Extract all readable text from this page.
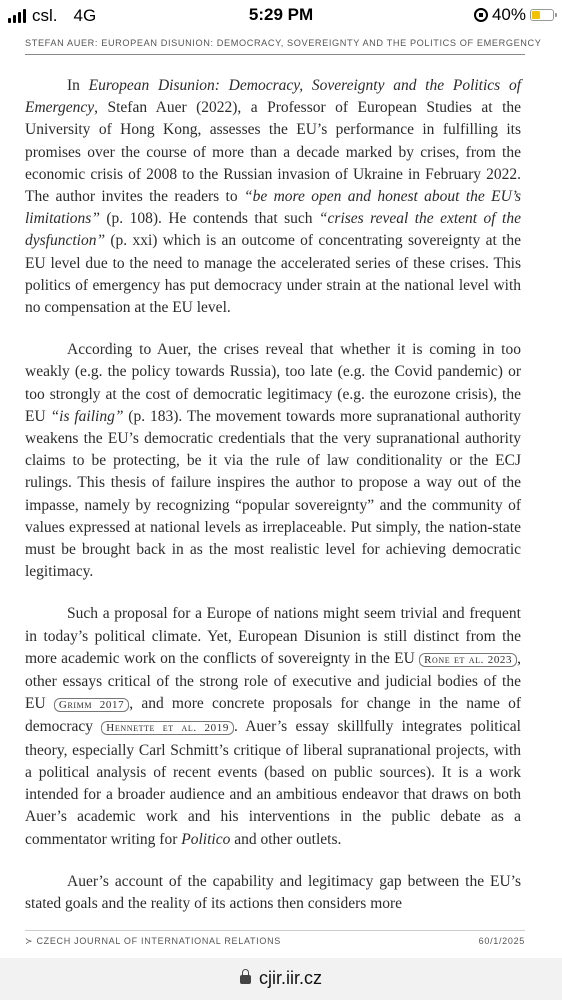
csl. 4G	5:29 PM	40%
STEFAN AUER: EUROPEAN DISUNION: DEMOCRACY, SOVEREIGNTY AND THE POLITICS OF EMERGENCY

In European Disunion: Democracy, Sovereignty and the Politics of Emergency, Stefan Auer (2022), a Professor of European Studies at the University of Hong Kong, assesses the EU’s performance in fulfilling its promises over the course of more than a decade marked by crises, from the economic crisis of 2008 to the Russian invasion of Ukraine in February 2022. The author invites the readers to “be more open and honest about the EU’s limitations” (p. 108). He contends that such “crises reveal the extent of the dysfunction” (p. xxi) which is an outcome of concentrating sovereignty at the EU level due to the need to manage the accelerated series of these crises. This politics of emergency has put democracy under strain at the national level with no compensation at the EU level.

According to Auer, the crises reveal that whether it is coming in too weakly (e.g. the policy towards Russia), too late (e.g. the Covid pandemic) or too strongly at the cost of democratic legitimacy (e.g. the eurozone crisis), the EU “is failing” (p. 183). The movement towards more supranational authority weakens the EU’s democratic credentials that the very supranational authority claims to be protecting, be it via the rule of law conditionality or the ECJ rulings. This thesis of failure inspires the author to propose a way out of the impasse, namely by recognizing “popular sovereignty” and the community of values expressed at national levels as irreplaceable. Put simply, the nation-state must be brought back in as the most realistic level for achieving democratic legitimacy.

Such a proposal for a Europe of nations might seem trivial and frequent in today’s political climate. Yet, European Disunion is still distinct from the more academic work on the conflicts of sovereignty in the EU Rone et al. 2023 , other essays critical of the strong role of executive and judicial bodies of the EU Grimm 2017 , and more concrete proposals for change in the name of democracy Hennette et al. 2019 . Auer’s essay skillfully integrates political theory, especially Carl Schmitt’s critique of liberal supranational projects, with a political analysis of recent events (based on public sources). It is a work intended for a broader audience and an ambitious endeavor that draws on both Auer’s academic work and his interventions in the public debate as a commentator writing for Politico and other outlets.

Auer’s account of the capability and legitimacy gap between the EU’s stated goals and the reality of its actions then considers more

≻ CZECH JOURNAL OF INTERNATIONAL RELATIONS	60/1/2025
cjir.iir.cz
